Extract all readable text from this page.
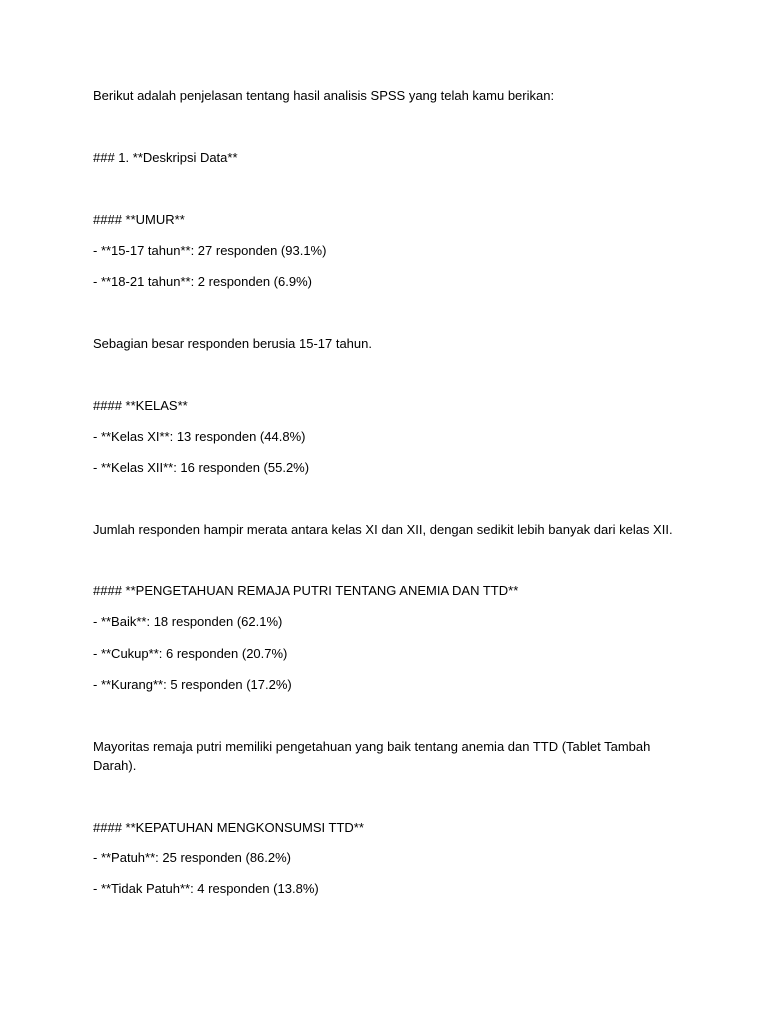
Berikut adalah penjelasan tentang hasil analisis SPSS yang telah kamu berikan:
### 1. **Deskripsi Data**
#### **UMUR**
- **15-17 tahun**: 27 responden (93.1%)
- **18-21 tahun**: 2 responden (6.9%)
Sebagian besar responden berusia 15-17 tahun.
#### **KELAS**
- **Kelas XI**: 13 responden (44.8%)
- **Kelas XII**: 16 responden (55.2%)
Jumlah responden hampir merata antara kelas XI dan XII, dengan sedikit lebih banyak dari kelas XII.
#### **PENGETAHUAN REMAJA PUTRI TENTANG ANEMIA DAN TTD**
- **Baik**: 18 responden (62.1%)
- **Cukup**: 6 responden (20.7%)
- **Kurang**: 5 responden (17.2%)
Mayoritas remaja putri memiliki pengetahuan yang baik tentang anemia dan TTD (Tablet Tambah Darah).
#### **KEPATUHAN MENGKONSUMSI TTD**
- **Patuh**: 25 responden (86.2%)
- **Tidak Patuh**: 4 responden (13.8%)
